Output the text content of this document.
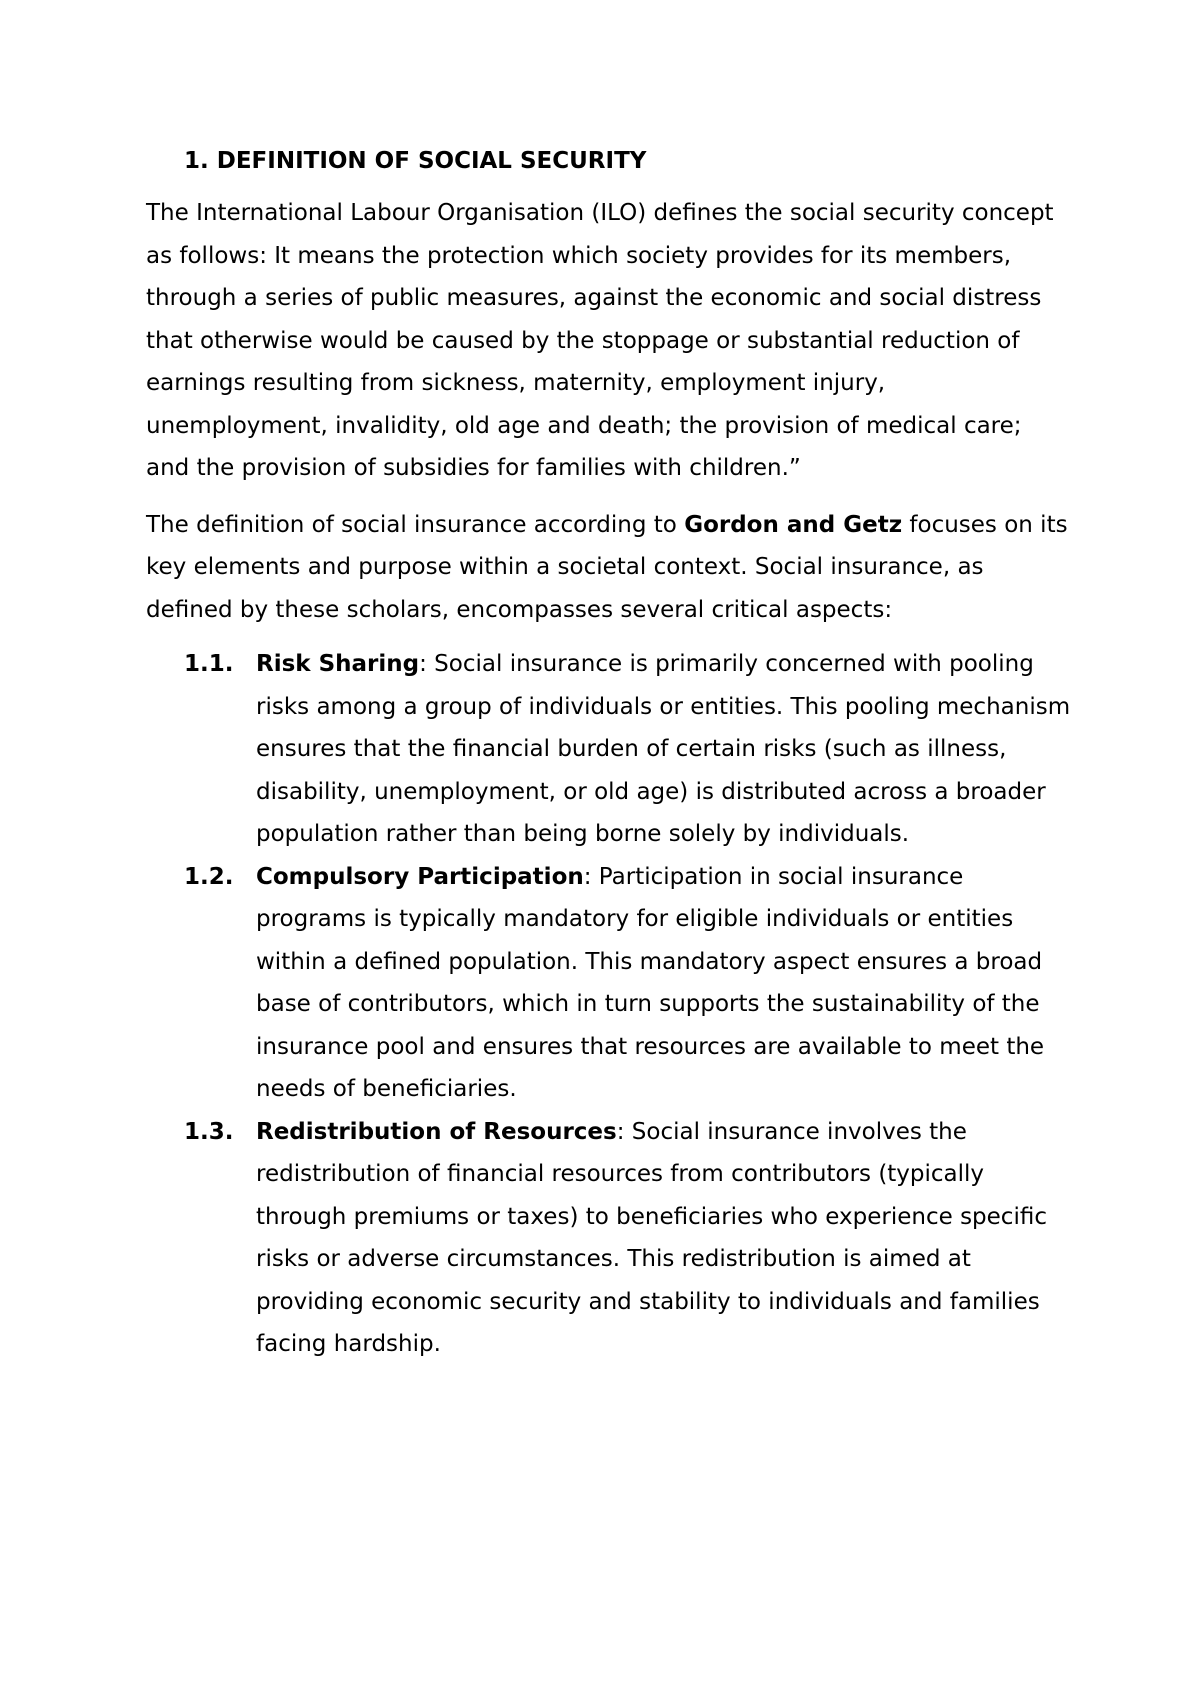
1. DEFINITION OF SOCIAL SECURITY

The International Labour Organisation (ILO) defines the social security concept as follows: It means the protection which society provides for its members, through a series of public measures, against the economic and social distress that otherwise would be caused by the stoppage or substantial reduction of earnings resulting from sickness, maternity, employment injury, unemployment, invalidity, old age and death; the provision of medical care; and the provision of subsidies for families with children.”

The definition of social insurance according to Gordon and Getz focuses on its key elements and purpose within a societal context. Social insurance, as defined by these scholars, encompasses several critical aspects:

1.1. Risk Sharing: Social insurance is primarily concerned with pooling risks among a group of individuals or entities. This pooling mechanism ensures that the financial burden of certain risks (such as illness, disability, unemployment, or old age) is distributed across a broader population rather than being borne solely by individuals.
1.2. Compulsory Participation: Participation in social insurance programs is typically mandatory for eligible individuals or entities within a defined population. This mandatory aspect ensures a broad base of contributors, which in turn supports the sustainability of the insurance pool and ensures that resources are available to meet the needs of beneficiaries.
1.3. Redistribution of Resources: Social insurance involves the redistribution of financial resources from contributors (typically through premiums or taxes) to beneficiaries who experience specific risks or adverse circumstances. This redistribution is aimed at providing economic security and stability to individuals and families facing hardship.
